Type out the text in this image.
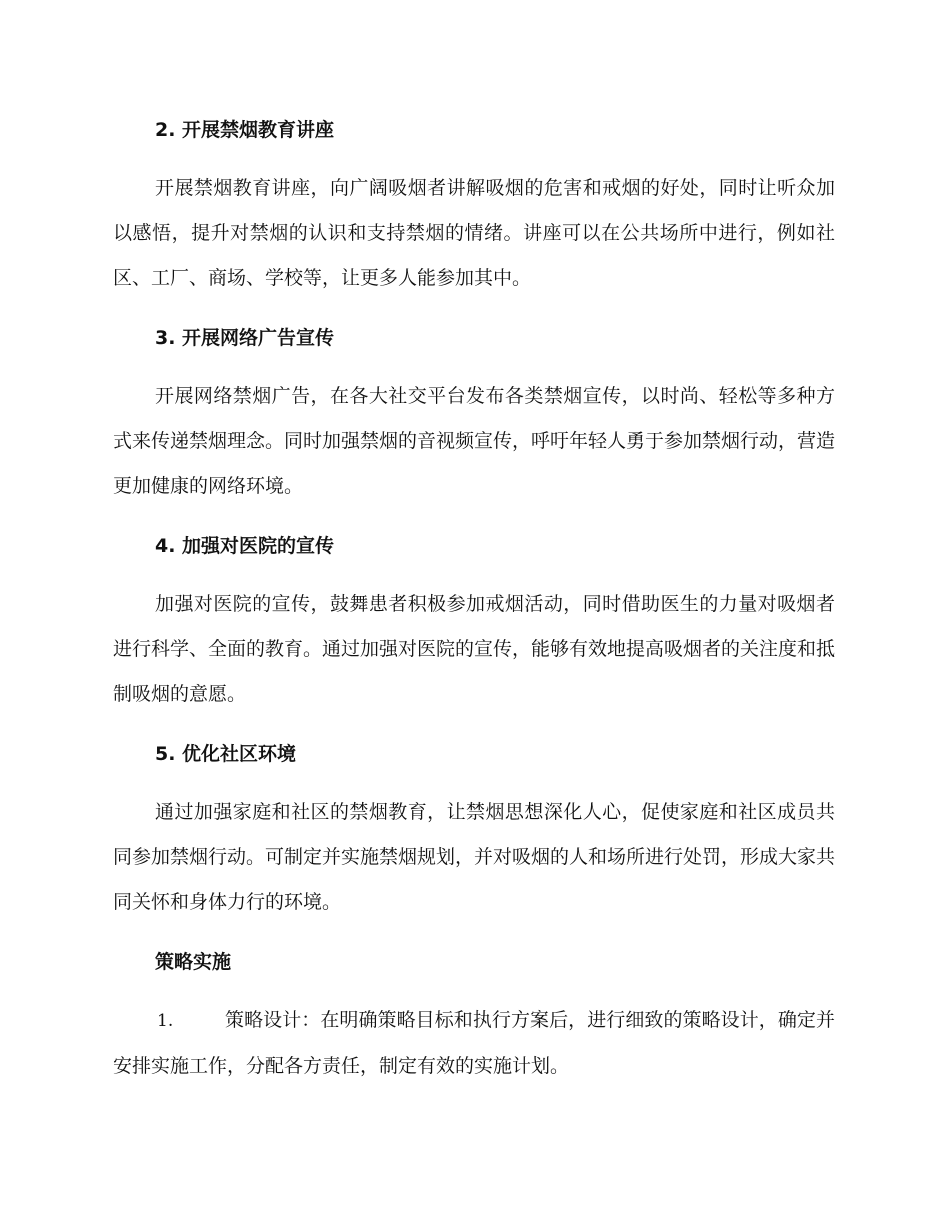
2. 开展禁烟教育讲座

开展禁烟教育讲座，向广阔吸烟者讲解吸烟的危害和戒烟的好处，同时让听众加以感悟，提升对禁烟的认识和支持禁烟的情绪。讲座可以在公共场所中进行，例如社区、工厂、商场、学校等，让更多人能参加其中。

3. 开展网络广告宣传

开展网络禁烟广告，在各大社交平台发布各类禁烟宣传，以时尚、轻松等多种方式来传递禁烟理念。同时加强禁烟的音视频宣传，呼吁年轻人勇于参加禁烟行动，营造更加健康的网络环境。

4. 加强对医院的宣传

加强对医院的宣传，鼓舞患者积极参加戒烟活动，同时借助医生的力量对吸烟者进行科学、全面的教育。通过加强对医院的宣传，能够有效地提高吸烟者的关注度和抵制吸烟的意愿。

5. 优化社区环境

通过加强家庭和社区的禁烟教育，让禁烟思想深化人心，促使家庭和社区成员共同参加禁烟行动。可制定并实施禁烟规划，并对吸烟的人和场所进行处罚，形成大家共同关怀和身体力行的环境。

策略实施

1.	策略设计：在明确策略目标和执行方案后，进行细致的策略设计，确定并安排实施工作，分配各方责任，制定有效的实施计划。
